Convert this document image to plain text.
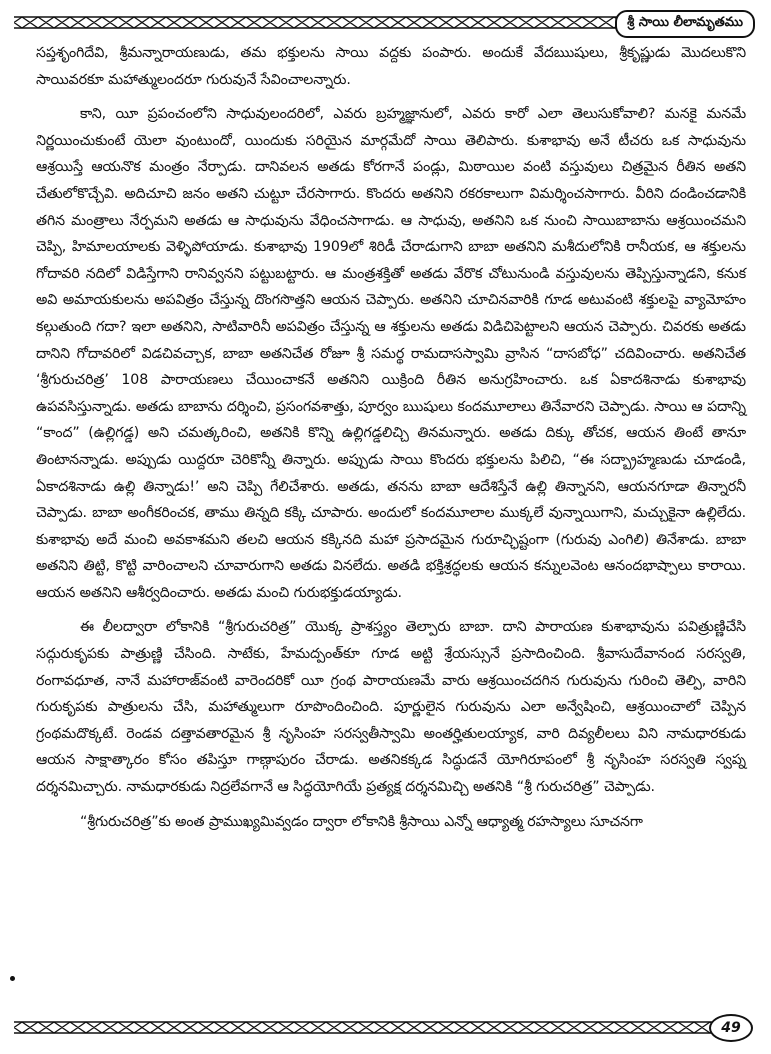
శ్రీ సాయి లీలామృతము

సప్తశృంగిదేవి, శ్రీమన్నారాయణుడు, తమ భక్తులను సాయి వద్దకు పంపారు. అందుకే వేదఋషులు, శ్రీకృష్ణుడు మొదలుకొని సాయివరకూ మహాత్ములందరూ గురువునే సేవించాలన్నారు.

కాని, యీ ప్రపంచంలోని సాధువులందరిలో, ఎవరు బ్రహ్మజ్ఞానులో, ఎవరు కారో ఎలా తెలుసుకోవాలి? మనకై మనమే నిర్ణయించుకుంటే యెలా వుంటుందో, యిందుకు సరియైన మార్గమేదో సాయి తెలిపారు. కుశాభావు అనే టీచరు ఒక సాధువును ఆశ్రయిస్తే ఆయనొక మంత్రం నేర్పాడు. దానివలన అతడు కోరగానే పండ్లు, మిఠాయిల వంటి వస్తువులు చిత్రమైన రీతిన అతని చేతులోకొచ్చేవి. అదిచూచి జనం అతని చుట్టూ చేరసాగారు. కొందరు అతనిని రకరకాలుగా విమర్శించసాగారు. వీరిని దండించడానికి తగిన మంత్రాలు నేర్పమని అతడు ఆ సాధువును వేధించసాగాడు. ఆ సాధువు, అతనిని ఒక నుంచి సాయిబాబాను ఆశ్రయించమని చెప్పి, హిమాలయాలకు వెళ్ళిపోయాడు. కుశాభావు 1909లో శిరిడీ చేరాడుగాని బాబా అతనిని మశీదులోనికి రానీయక, ఆ శక్తులను గోదావరి నదిలో విడిస్తేగాని రానివ్వనని పట్టుబట్టారు. ఆ మంత్రశక్తితో అతడు వేరొక చోటునుండి వస్తువులను తెప్పిస్తున్నాడని, కనుక అవి అమాయకులను అపవిత్రం చేస్తున్న దొంగసొత్తని ఆయన చెప్పారు. అతనిని చూచినవారికి గూడ అటువంటి శక్తులపై వ్యామోహం కల్గుతుంది గదా? ఇలా అతనిని, సాటివారినీ అపవిత్రం చేస్తున్న ఆ శక్తులను అతడు విడిచిపెట్టాలని ఆయన చెప్పారు. చివరకు అతడు దానిని గోదావరిలో విడచివచ్చాక, బాబా అతనిచేత రోజూ శ్రీ సమర్థ రామదాసస్వామి వ్రాసిన “దాసబోధ” చదివించారు. అతనిచేత ‘శ్రీగురుచరిత్ర’ 108 పారాయణలు చేయించాకనే అతనిని యిక్రింది రీతిన అనుగ్రహించారు. ఒక ఏకాదశినాడు కుశాభావు ఉపవసిస్తున్నాడు. అతడు బాబాను దర్శించి, ప్రసంగవశాత్తు, పూర్వం ఋషులు కందమూలాలు తినేవారని చెప్పాడు. సాయి ఆ పదాన్ని “కాంద” (ఉల్లిగడ్డ) అని చమత్కరించి, అతనికి కొన్ని ఉల్లిగడ్డలిచ్చి తినమన్నారు. అతడు దిక్కు తోచక, ఆయన తింటే తానూ తింటానన్నాడు. అప్పుడు యిద్దరూ చెరికొన్నీ తిన్నారు. అప్పుడు సాయి కొందరు భక్తులను పిలిచి, “ఈ సద్బ్రాహ్మణుడు చూడండి, ఏకాదశినాడు ఉల్లి తిన్నాడు!’ అని చెప్పి గేలిచేశారు. అతడు, తనను బాబా ఆదేశిస్తేనే ఉల్లి తిన్నానని, ఆయనగూడా తిన్నారనీ చెప్పాడు. బాబా అంగీకరించక, తాము తిన్నది కక్కి చూపారు. అందులో కందమూలాల ముక్కలే వున్నాయిగాని, మచ్చుకైనా ఉల్లిలేదు. కుశాభావు అదే మంచి అవకాశమని తలచి ఆయన కక్కినది మహా ప్రసాదమైన గురూచ్ఛిష్టంగా (గురువు ఎంగిలి) తినేశాడు. బాబా అతనిని తిట్టి, కొట్టి వారించాలని చూవారుగాని అతడు వినలేదు. అతడి భక్తిశ్రద్ధలకు ఆయన కన్నులవెంట ఆనందభాష్పాలు కారాయి. ఆయన అతనిని ఆశీర్వదించారు. అతడు మంచి గురుభక్తుడయ్యాడు.

ఈ లీలద్వారా లోకానికి “శ్రీగురుచరిత్ర” యొక్క ప్రాశస్త్యం తెల్పారు బాబా. దాని పారాయణ కుశాభావును పవిత్రుణ్ణిచేసి సద్గురుకృపకు పాత్రుణ్ణి చేసింది. సాటేకు, హేమద్పంత్‌కూ గూడ అట్టి శ్రేయస్సునే ప్రసాదించింది. శ్రీవాసుదేవానంద సరస్వతి, రంగావధూత, నానే మహారాజ్‌వంటి వారెందరికో యీ గ్రంథ పారాయణమే వారు ఆశ్రయించదగిన గురువును గురించి తెల్పి, వారిని గురుకృపకు పాత్రులను చేసి, మహాత్ములుగా రూపొందించింది. పూర్ణులైన గురువును ఎలా అన్వేషించి, ఆశ్రయించాలో చెప్పిన గ్రంథమదొక్కటే. రెండవ దత్తావతారమైన శ్రీ నృసింహ సరస్వతీస్వామి అంతర్హితులయ్యాక, వారి దివ్యలీలలు విని నామధారకుడు ఆయన సాక్షాత్కారం కోసం తపిస్తూ గాణ్గాపురం చేరాడు. అతనికక్కడ సిద్ధుడనే యోగిరూపంలో శ్రీ నృసింహ సరస్వతి స్వప్న దర్శనమిచ్చారు. నామధారకుడు నిద్రలేవగానే ఆ సిద్ధయోగియే ప్రత్యక్ష దర్శనమిచ్చి అతనికి “శ్రీ గురుచరిత్ర” చెప్పాడు.

“శ్రీగురుచరిత్ర”కు అంత ప్రాముఖ్యమివ్వడం ద్వారా లోకానికి శ్రీసాయి ఎన్నో ఆధ్యాత్మ రహస్యాలు సూచనగా

49
